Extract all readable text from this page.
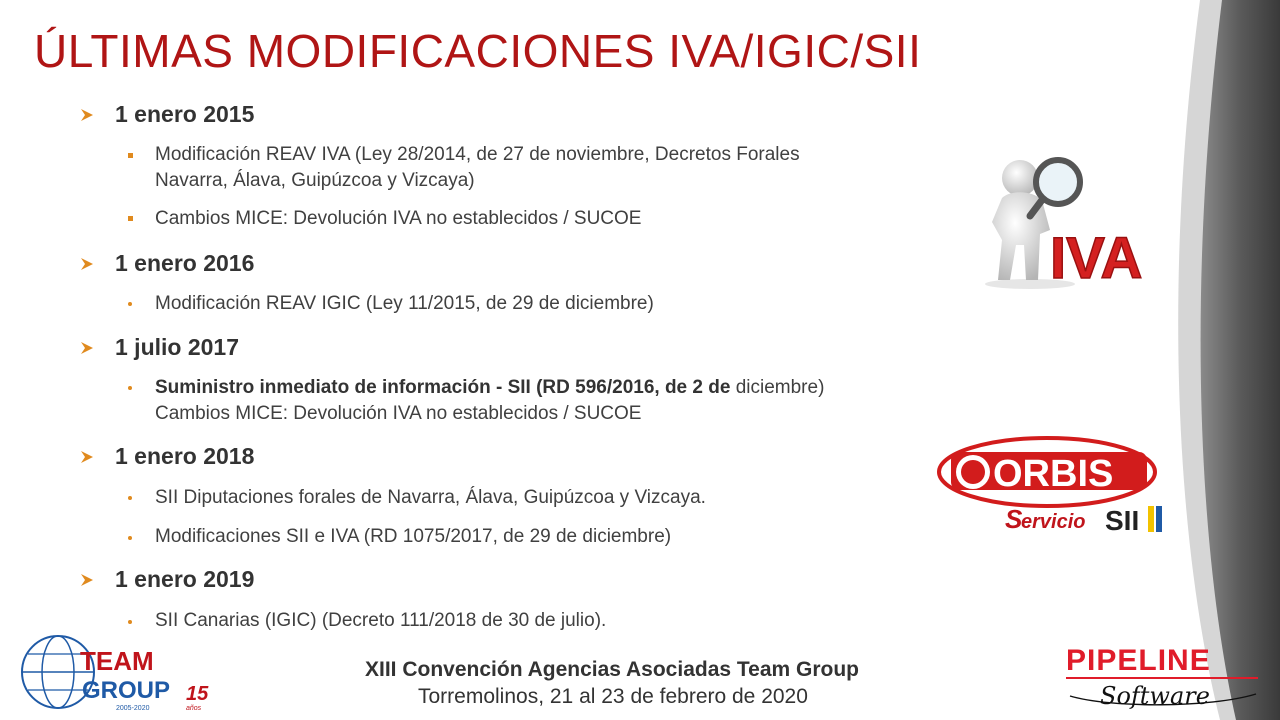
ÚLTIMAS MODIFICACIONES IVA/IGIC/SII
1 enero 2015
Modificación REAV IVA (Ley 28/2014, de 27 de noviembre, Decretos Forales
Navarra, Álava, Guipúzcoa y Vizcaya)
Cambios MICE: Devolución IVA no establecidos / SUCOE
1 enero 2016
Modificación REAV IGIC (Ley 11/2015, de 29 de diciembre)
1 julio 2017
Suministro inmediato de información - SII (RD 596/2016, de 2 de diciembre)
Cambios MICE: Devolución IVA no establecidos / SUCOE
1 enero 2018
SII Diputaciones forales de Navarra, Álava, Guipúzcoa y Vizcaya.
Modificaciones SII e IVA (RD 1075/2017, de 29 de diciembre)
1 enero 2019
SII Canarias (IGIC) (Decreto 111/2018 de 30 de julio).
IVA
ORBIS
S
ervicio SII
TEAM
GROUP 15
años
2005-2020
XIII Convención Agencias Asociadas Team Group
Torremolinos, 21 al 23 de febrero de 2020
PIPELINE
Software
